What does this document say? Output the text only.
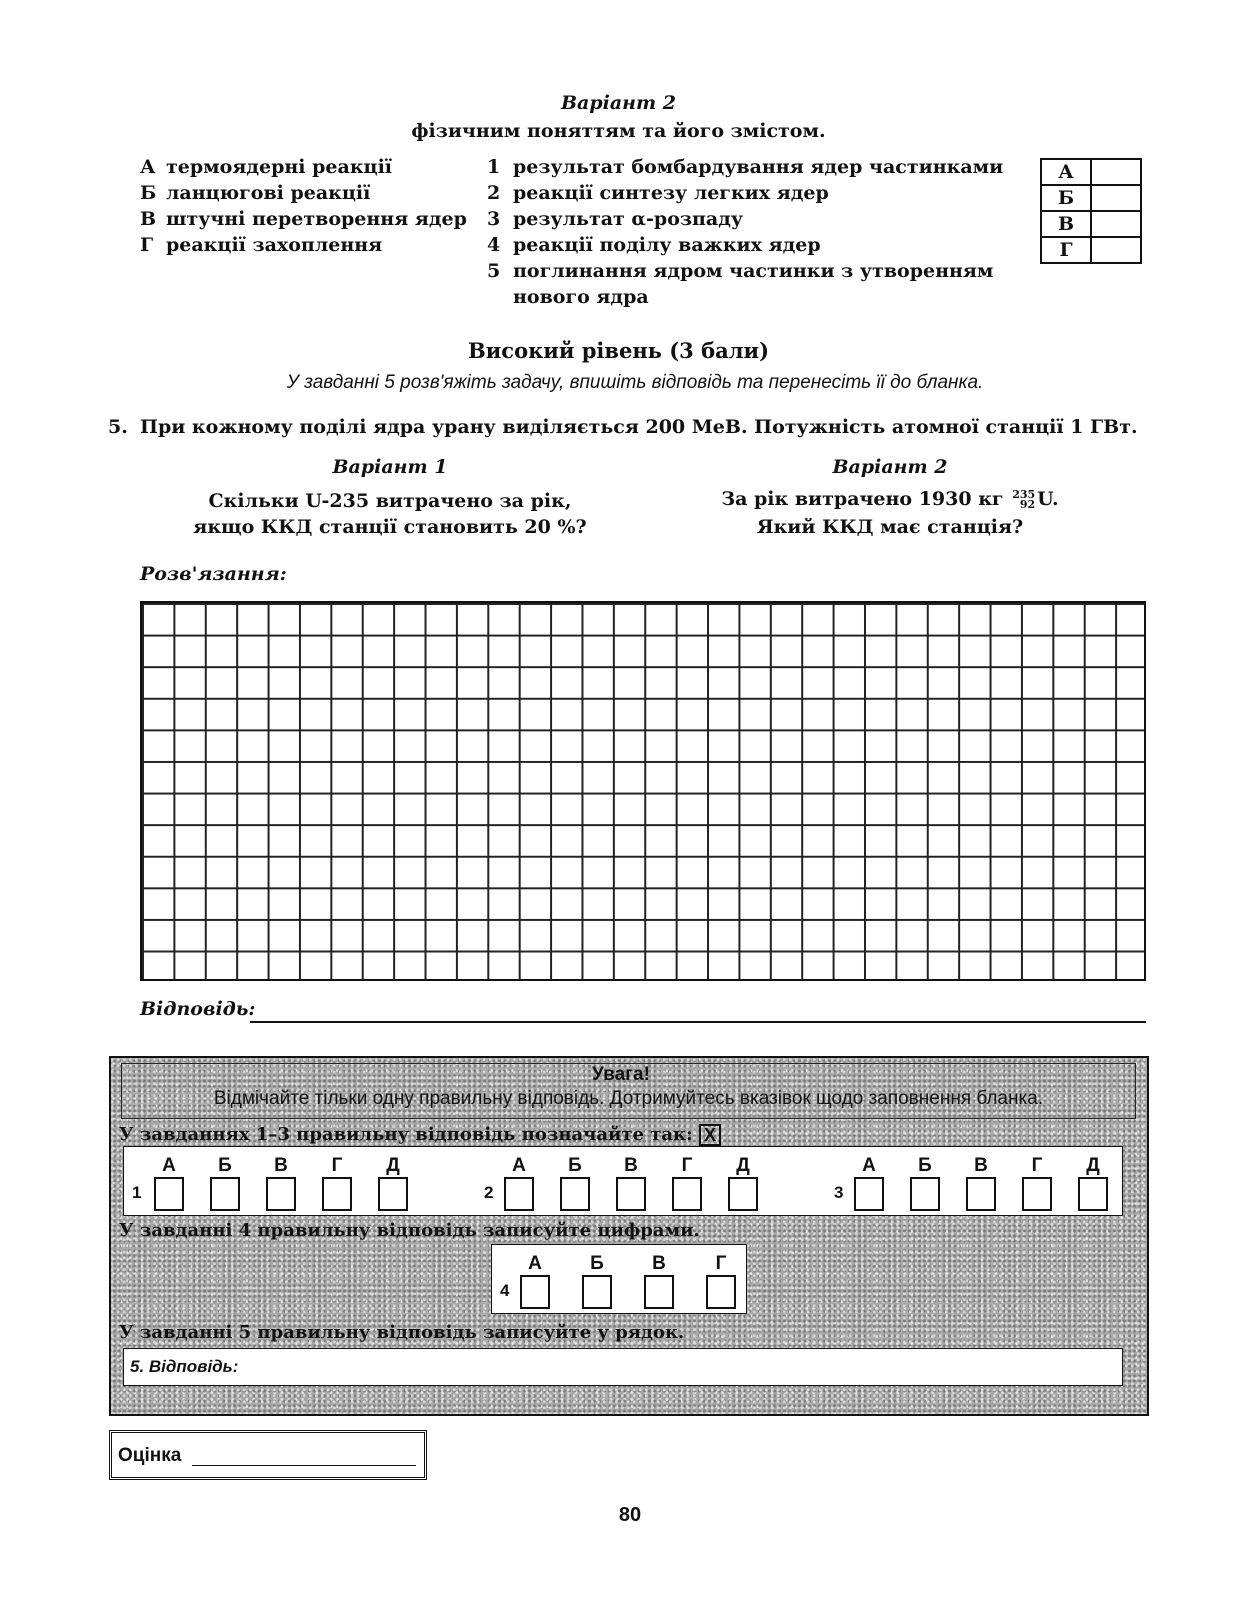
Варіант 2
фізичним поняттям та його змістом.
А термоядерні реакції
Б ланцюгові реакції
В штучні перетворення ядер
Г реакції захоплення
1 результат бомбардування ядер частинками
2 реакції синтезу легких ядер
3 результат α-розпаду
4 реакції поділу важких ядер
5 поглинання ядром частинки з утворенням
нового ядра
А	
Б	
В	
Г	
Високий рівень (3 бали)
У завданні 5 розв'яжіть задачу, впишіть відповідь та перенесіть її до бланка.
5. При кожному поділі ядра урану виділяється 200 МеВ. Потужність атомної станції 1 ГВт.
Варіант 1
Скільки U-235 витрачено за рік,
якщо ККД станції становить 20 %?
Варіант 2
За рік витрачено 1930 кг 235
92 U.
Який ККД має станція?
Розв'язання:
Відповідь:
Увага!
Відмічайте тільки одну правильну відповідь. Дотримуйтесь вказівок щодо заповнення бланка.
У завданнях 1–3 правильну відповідь позначайте так: X
1
А	Б	В	Г	Д
2
А	Б	В	Г	Д
3
А	Б	В	Г	Д
У завданні 4 правильну відповідь записуйте цифрами.
4
А	Б	В	Г
У завданні 5 правильну відповідь записуйте у рядок.
5. Відповідь:
Оцінка
80
